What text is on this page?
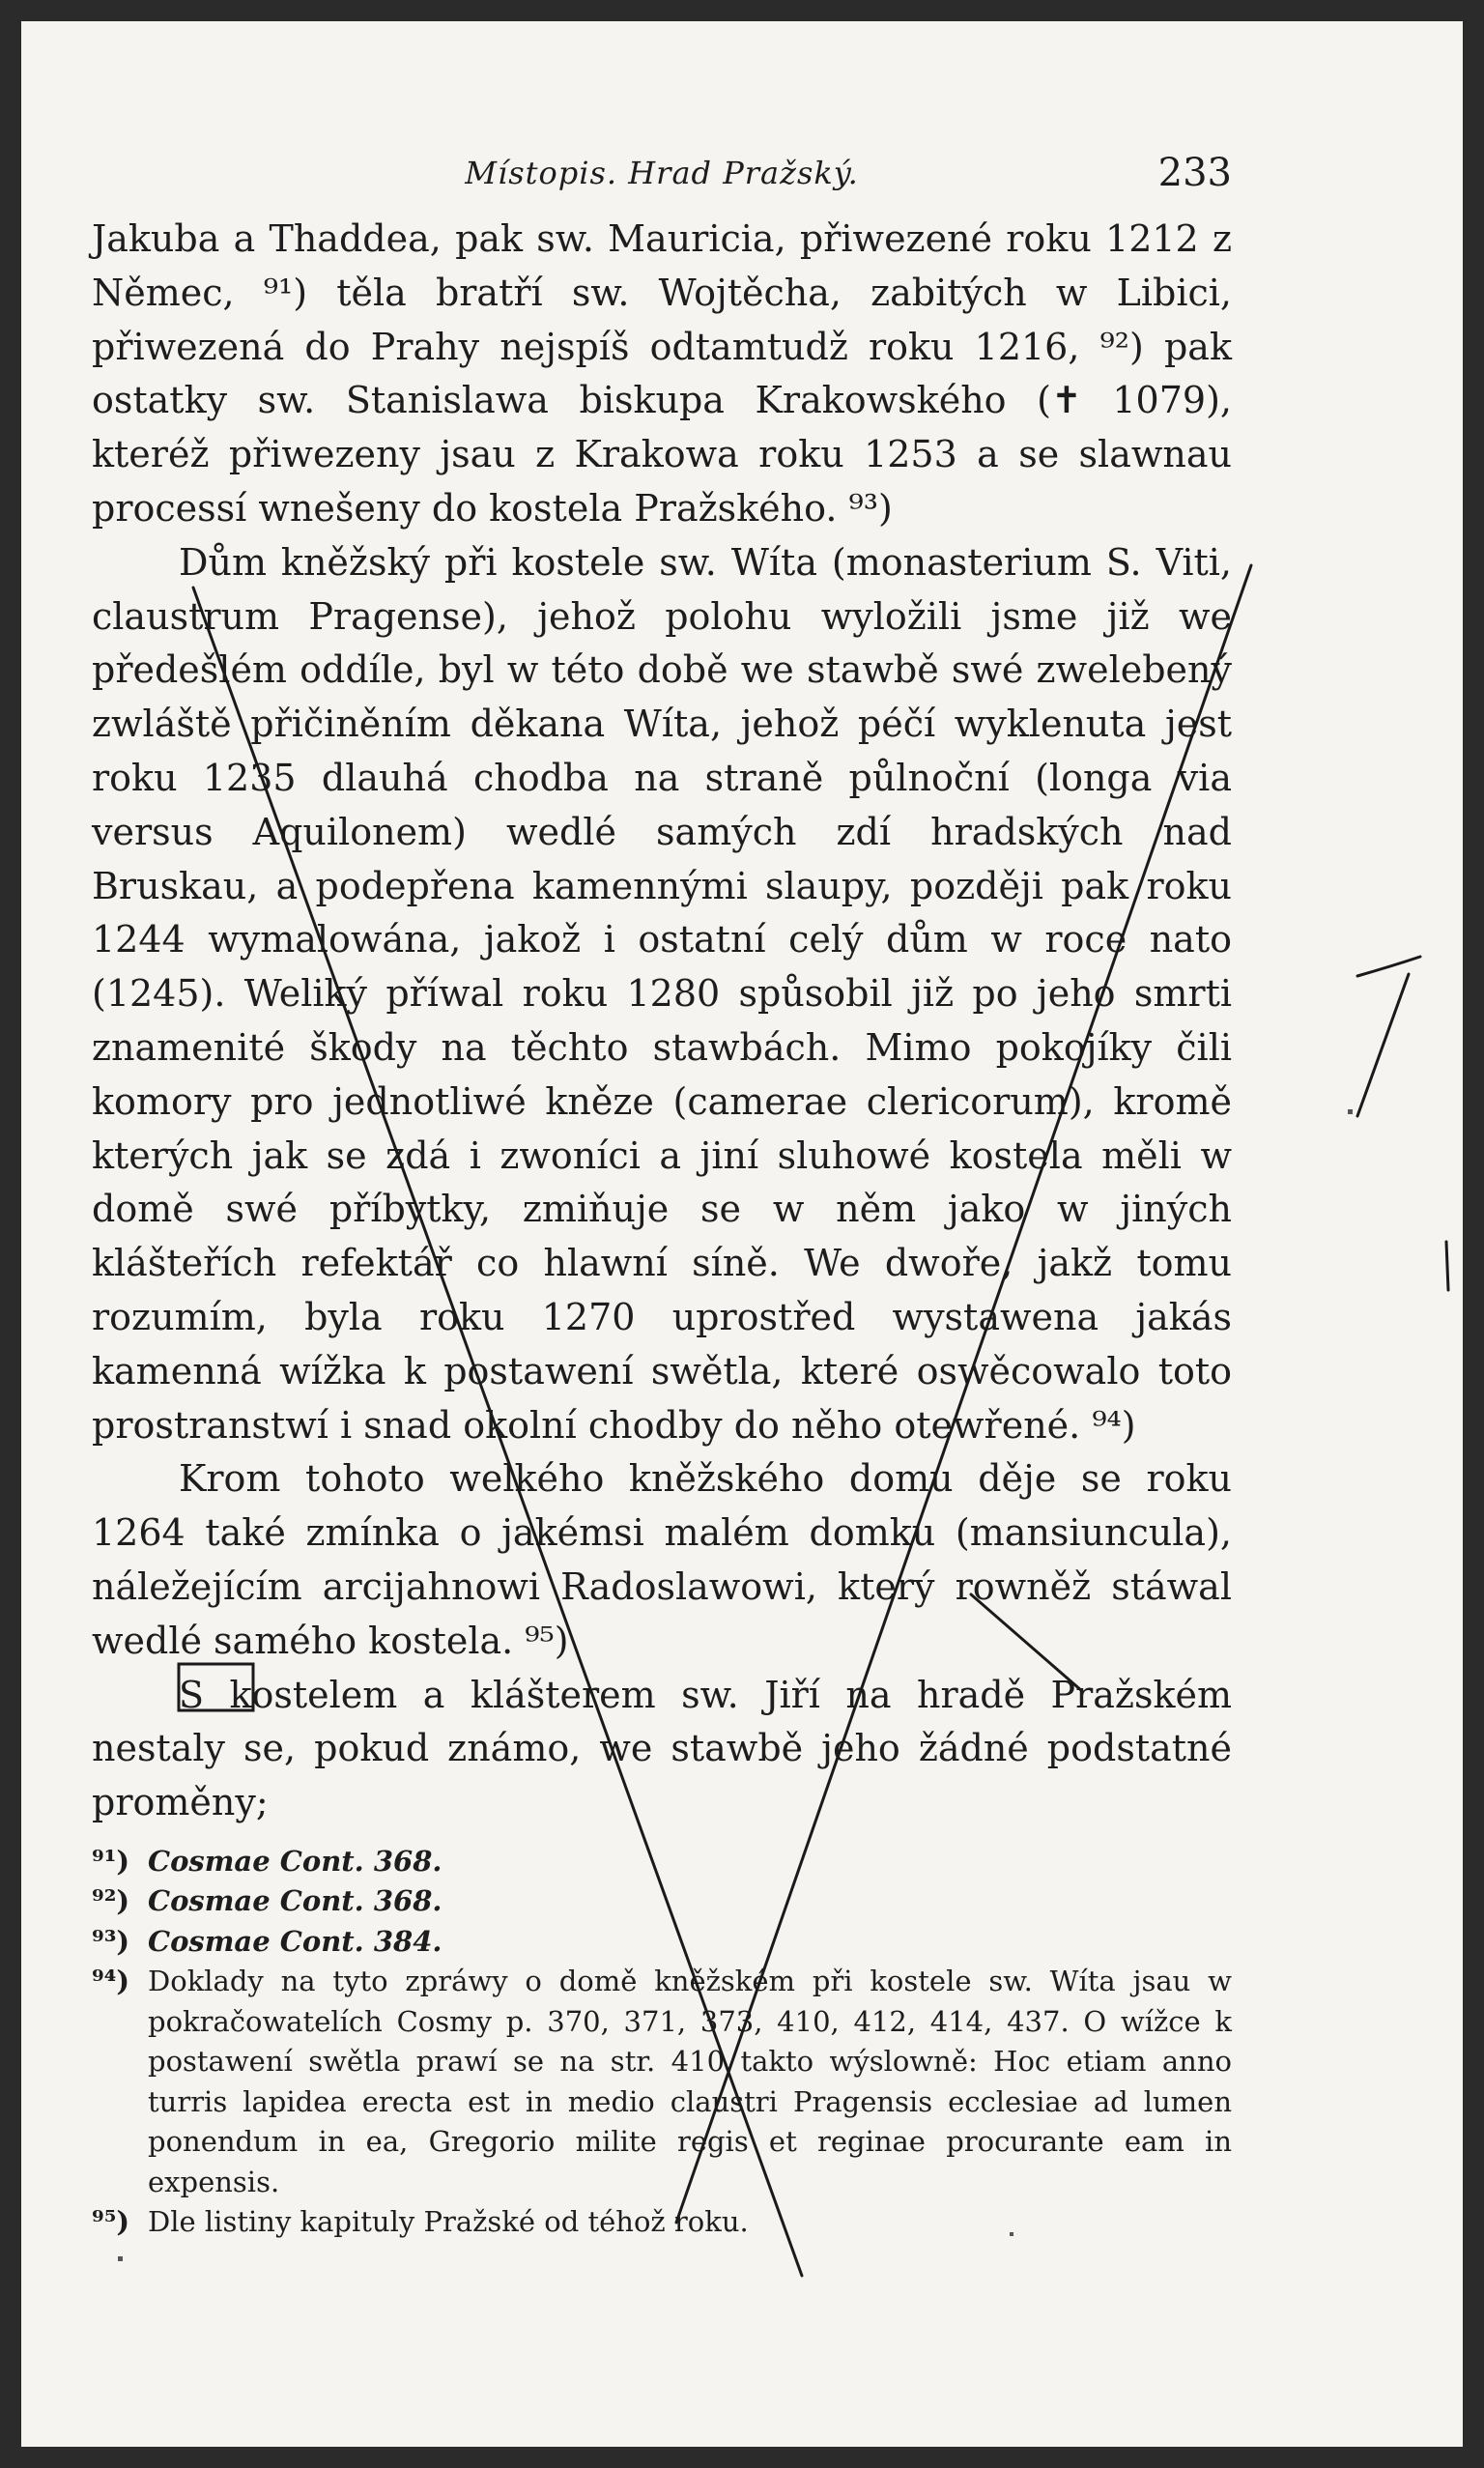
Místopis. Hrad Pražský.	233

Jakuba a Thaddea, pak sw. Mauricia, přiwezené roku 1212 z Němec, ⁹¹) těla bratří sw. Wojtěcha, zabitých w Libici, přiwezená do Prahy nejspíš odtamtudž roku 1216, ⁹²) pak ostatky sw. Stanislawa biskupa Krakowského (✝ 1079), kteréž přiwezeny jsau z Krakowa roku 1253 a se slawnau processí wnešeny do kostela Pražského. ⁹³)

Dům kněžský při kostele sw. Wíta (monasterium S. Viti, claustrum Pragense), jehož polohu wyložili jsme již we předešlém oddíle, byl w této době we stawbě swé zwelebený zwláště přičiněním děkana Wíta, jehož péčí wyklenuta jest roku 1235 dlauhá chodba na straně půlnoční (longa via versus Aquilonem) wedlé samých zdí hradských nad Bruskau, a podepřena kamennými slaupy, později pak roku 1244 wymalowána, jakož i ostatní celý dům w roce nato (1245). Weliký příwal roku 1280 spůsobil již po jeho smrti znamenité škody na těchto stawbách. Mimo pokojíky čili komory pro jednotliwé kněze (camerae clericorum), kromě kterých jak se zdá i zwoníci a jiní sluhowé kostela měli w domě swé příbytky, zmiňuje se w něm jako w jiných klášteřích refektář co hlawní síně. We dwoře, jakž tomu rozumím, byla roku 1270 uprostřed wystawena jakás kamenná wížka k postawení swětla, které oswěcowalo toto prostranstwí i snad okolní chodby do něho otewřené. ⁹⁴)

Krom tohoto welkého kněžského domu děje se roku 1264 také zmínka o jakémsi malém domku (mansiuncula), náležejícím arcijahnowi Radoslawowi, který rowněž stáwal wedlé samého kostela. ⁹⁵)

S kostelem a klášterem sw. Jiří na hradě Pražském nestaly se, pokud známo, we stawbě jeho žádné podstatné proměny;

⁹¹) Cosmae Cont. 368.
⁹²) Cosmae Cont. 368.
⁹³) Cosmae Cont. 384.
⁹⁴) Doklady na tyto zpráwy o domě kněžském při kostele sw. Wíta jsau w pokračowatelích Cosmy p. 370, 371, 373, 410, 412, 414, 437. O wížce k postawení swětla prawí se na str. 410 takto wýslowně: Hoc etiam anno turris lapidea erecta est in medio claustri Pragensis ecclesiae ad lumen ponendum in ea, Gregorio milite regis et reginae procurante eam in expensis.
⁹⁵) Dle listiny kapituly Pražské od téhož roku.
